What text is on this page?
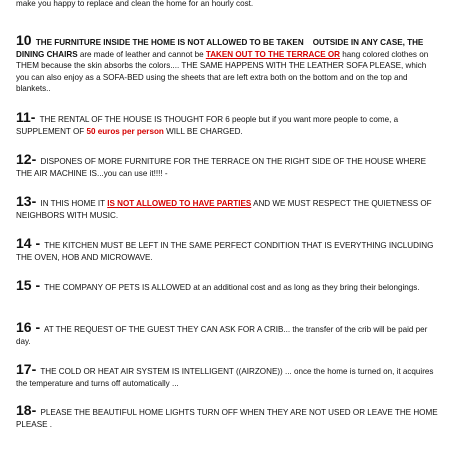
make you happy to replace and clean the home for an hourly cost.
10 THE FURNITURE INSIDE THE HOME IS NOT ALLOWED TO BE TAKEN OUTSIDE IN ANY CASE, THE DINING CHAIRS are made of leather and cannot be TAKEN OUT TO THE TERRACE OR hang colored clothes on THEM because the skin absorbs the colors.... THE SAME HAPPENS WITH THE LEATHER SOFA PLEASE, which you can also enjoy as a SOFA-BED using the sheets that are left extra both on the bottom and on the top and blankets..
11- THE RENTAL OF THE HOUSE IS THOUGHT FOR 6 people but if you want more people to come, a SUPPLEMENT OF 50 euros per person WILL BE CHARGED.
12- DISPONES OF MORE FURNITURE FOR THE TERRACE ON THE RIGHT SIDE OF THE HOUSE WHERE THE AIR MACHINE IS...you can use it!!!! -
13- IN THIS HOME IT IS NOT ALLOWED TO HAVE PARTIES AND WE MUST RESPECT THE QUIETNESS OF NEIGHBORS WITH MUSIC.
14 - THE KITCHEN MUST BE LEFT IN THE SAME PERFECT CONDITION THAT IS EVERYTHING INCLUDING THE OVEN, HOB AND MICROWAVE.
15 - THE COMPANY OF PETS IS ALLOWED at an additional cost and as long as they bring their belongings.
16 - AT THE REQUEST OF THE GUEST THEY CAN ASK FOR A CRIB... the transfer of the crib will be paid per day.
17- THE COLD OR HEAT AIR SYSTEM IS INTELLIGENT ((AIRZONE)) ... once the home is turned on, it acquires the temperature and turns off automatically ...
18- PLEASE THE BEAUTIFUL HOME LIGHTS TURN OFF WHEN THEY ARE NOT USED OR LEAVE THE HOME PLEASE .
